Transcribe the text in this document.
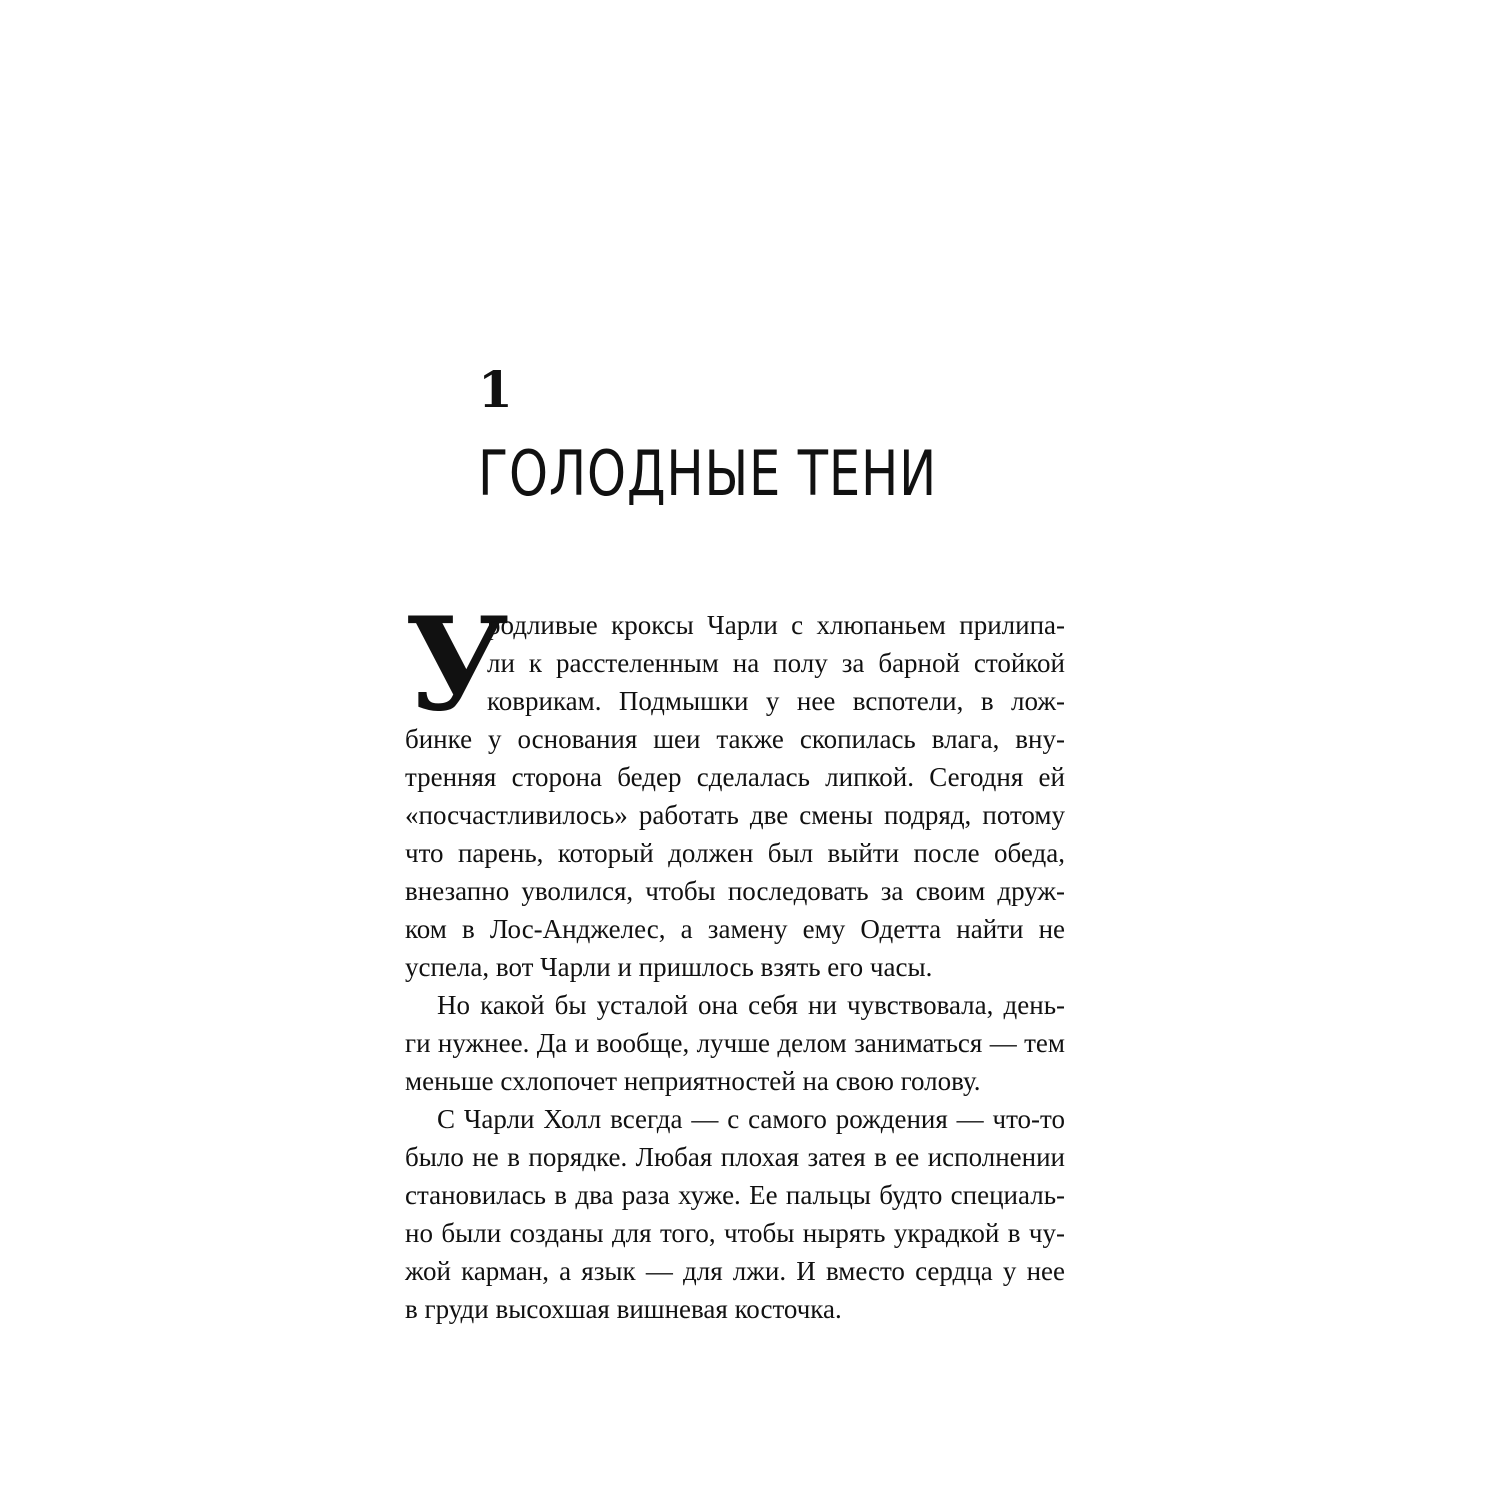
1
ГОЛОДНЫЕ ТЕНИ
У
родливые кроксы Чарли с хлюпаньем прилипа-
ли к расстеленным на полу за барной стойкой
коврикам. Подмышки у нее вспотели, в лож-
бинке у основания шеи также скопилась влага, вну-
тренняя сторона бедер сделалась липкой. Сегодня ей
«посчастливилось» работать две смены подряд, потому
что парень, который должен был выйти после обеда,
внезапно уволился, чтобы последовать за своим друж-
ком в Лос-Анджелес, а замену ему Одетта найти не
успела, вот Чарли и пришлось взять его часы.
Но какой бы усталой она себя ни чувствовала, день-
ги нужнее. Да и вообще, лучше делом заниматься — тем
меньше схлопочет неприятностей на свою голову.
С Чарли Холл всегда — с самого рождения — что-то
было не в порядке. Любая плохая затея в ее исполнении
становилась в два раза хуже. Ее пальцы будто специаль-
но были созданы для того, чтобы нырять украдкой в чу-
жой карман, а язык — для лжи. И вместо сердца у нее
в груди высохшая вишневая косточка.
